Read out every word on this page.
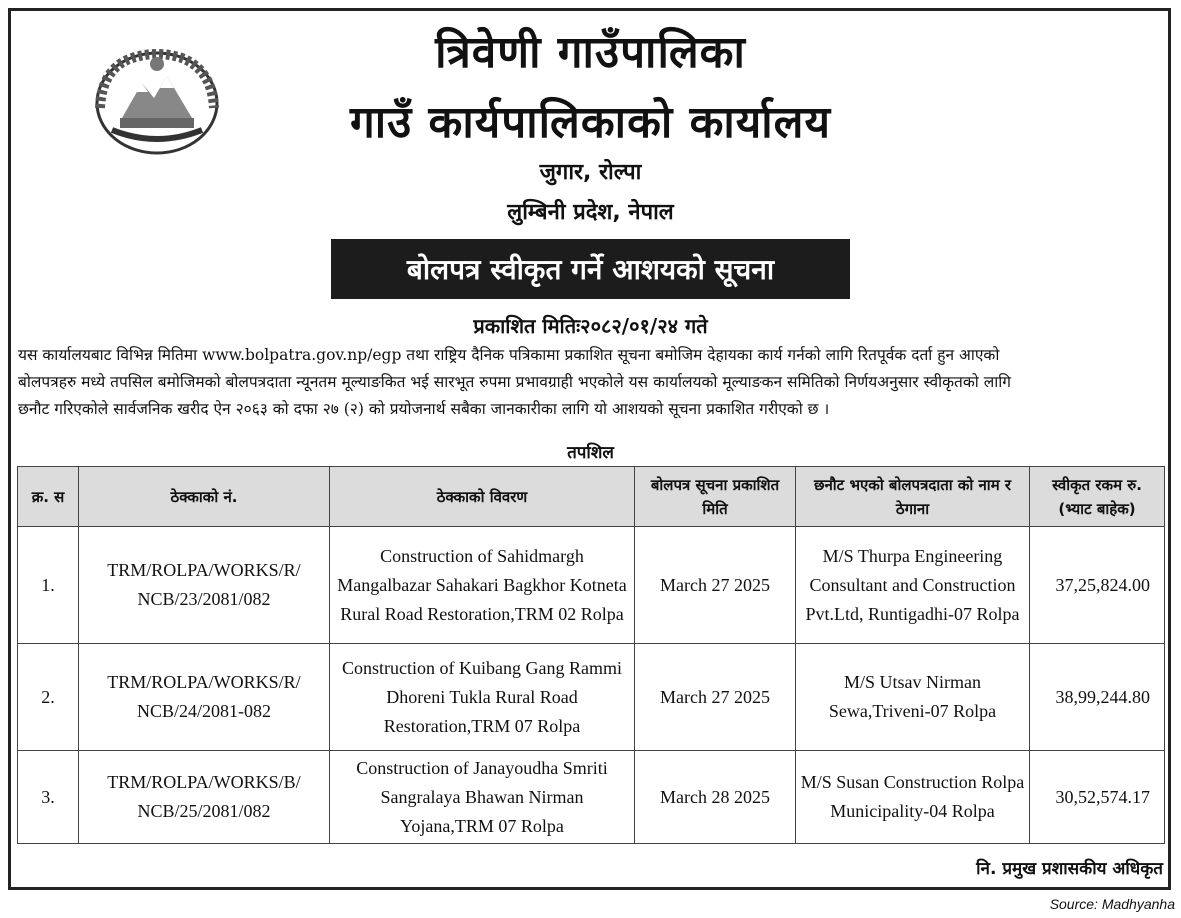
त्रिवेणी गाउँपालिका
गाउँ कार्यपालिकाको कार्यालय
जुगार, रोल्पा
लुम्बिनी प्रदेश, नेपाल
बोलपत्र स्वीकृत गर्ने आशयको सूचना
प्रकाशित मितिः२०८२/०१/२४ गते
यस कार्यालयबाट विभिन्न मितिमा www.bolpatra.gov.np/egp तथा राष्ट्रिय दैनिक पत्रिकामा प्रकाशित सूचना बमोजिम देहायका कार्य गर्नको लागि रितपूर्वक दर्ता हुन आएको
बोलपत्रहरु मध्ये तपसिल बमोजिमको बोलपत्रदाता न्यूनतम मूल्याङकित भई सारभूत रुपमा प्रभावग्राही भएकोले यस कार्यालयको मूल्याङकन समितिको निर्णयअनुसार स्वीकृतको लागि
छनौट गरिएकोले सार्वजनिक खरीद ऐन २०६३ को दफा २७ (२) को प्रयोजनार्थ सबैका जानकारीका लागि यो आशयको सूचना प्रकाशित गरीएको छ ।
तपशिल
क्र. स	ठेक्काको नं.	ठेक्काको विवरण	बोलपत्र सूचना प्रकाशित मिति	छनौट भएको बोलपत्रदाता को नाम र ठेगाना	स्वीकृत रकम रु. (भ्याट बाहेक)
1.	TRM/ROLPA/WORKS/R/ NCB/23/2081/082	Construction of Sahidmargh Mangalbazar Sahakari Bagkhor Kotneta Rural Road Restoration,TRM 02 Rolpa	March 27 2025	M/S Thurpa Engineering Consultant and Construction Pvt.Ltd, Runtigadhi-07 Rolpa	37,25,824.00
2.	TRM/ROLPA/WORKS/R/ NCB/24/2081-082	Construction of Kuibang Gang Rammi Dhoreni Tukla Rural Road Restoration,TRM 07 Rolpa	March 27 2025	M/S Utsav Nirman Sewa,Triveni-07 Rolpa	38,99,244.80
3.	TRM/ROLPA/WORKS/B/ NCB/25/2081/082	Construction of Janayoudha Smriti Sangralaya Bhawan Nirman Yojana,TRM 07 Rolpa	March 28 2025	M/S Susan Construction Rolpa Municipality-04 Rolpa	30,52,574.17
नि. प्रमुख प्रशासकीय अधिकृत
Source: Madhyanha
